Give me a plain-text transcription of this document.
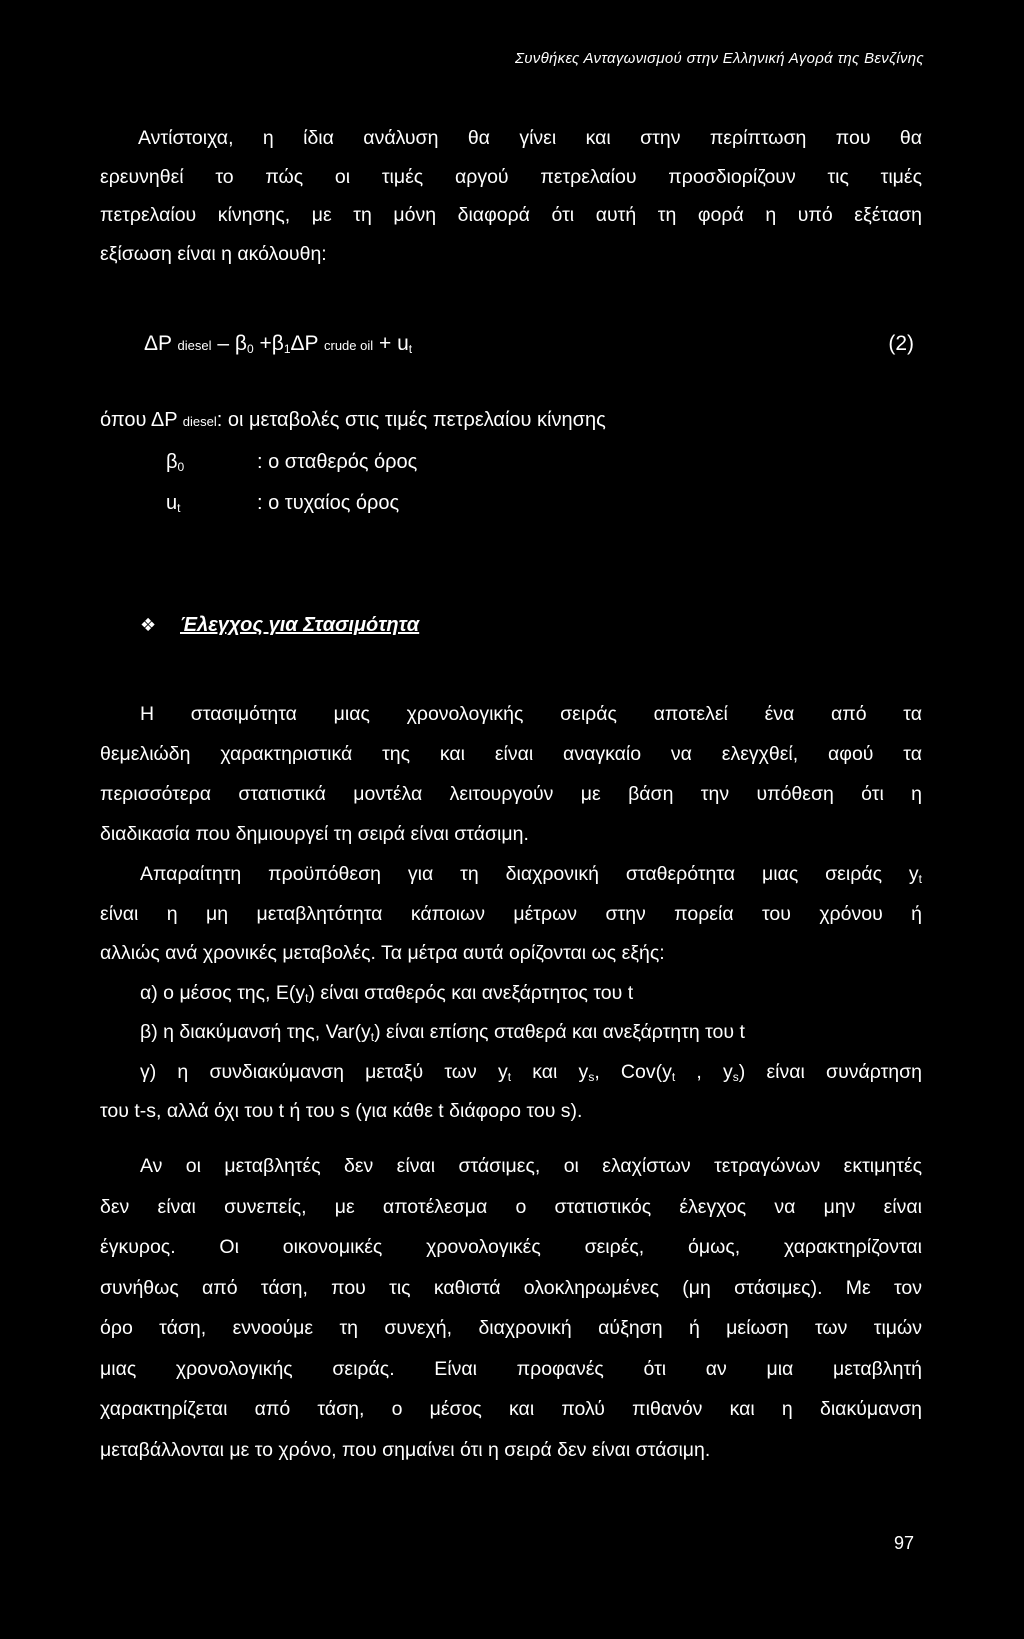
Συνθήκες Ανταγωνισμού στην Ελληνική Αγορά της Βενζίνης
Αντίστοιχα, η ίδια ανάλυση θα γίνει και στην περίπτωση που θα
ερευνηθεί το πώς οι τιμές αργού πετρελαίου προσδιορίζουν τις τιμές
πετρελαίου κίνησης, με τη μόνη διαφορά ότι αυτή τη φορά η υπό εξέταση
εξίσωση είναι η ακόλουθη:
ΔP diesel – $\beta_0 +\beta_1\Delta P$ crude oil + $u_t$	(2)
όπου ΔP diesel: οι μεταβολές στις τιμές πετρελαίου κίνησης
$\beta_0$	: ο σταθερός όρος
$u_t$	: ο τυχαίος όρος
❖ Έλεγχος για Στασιμότητα
Η στασιμότητα μιας χρονολογικής σειράς αποτελεί ένα από τα
θεμελιώδη χαρακτηριστικά της και είναι αναγκαίο να ελεγχθεί, αφού τα
περισσότερα στατιστικά μοντέλα λειτουργούν με βάση την υπόθεση ότι η
διαδικασία που δημιουργεί τη σειρά είναι στάσιμη.
Απαραίτητη προϋπόθεση για τη διαχρονική σταθερότητα μιας σειράς $y_t$
είναι η μη μεταβλητότητα κάποιων μέτρων στην πορεία του χρόνου ή
αλλιώς ανά χρονικές μεταβολές. Τα μέτρα αυτά ορίζονται ως εξής:
α) ο μέσος της, $E(y_t)$ είναι σταθερός και ανεξάρτητος του t
β) η διακύμανσή της, $Var(y_t)$ είναι επίσης σταθερά και ανεξάρτητη του t
γ) η συνδιακύμανση μεταξύ των $y_t$ και $y_s$, $Cov(y_t$ , $y_s$) είναι συνάρτηση
του t-s, αλλά όχι του t ή του s (για κάθε t διάφορο του s).
Αν οι μεταβλητές δεν είναι στάσιμες, οι ελαχίστων τετραγώνων εκτιμητές
δεν είναι συνεπείς, με αποτέλεσμα ο στατιστικός έλεγχος να μην είναι
έγκυρος. Οι οικονομικές χρονολογικές σειρές, όμως, χαρακτηρίζονται
συνήθως από τάση, που τις καθιστά ολοκληρωμένες (μη στάσιμες). Με τον
όρο τάση, εννοούμε τη συνεχή, διαχρονική αύξηση ή μείωση των τιμών
μιας χρονολογικής σειράς. Είναι προφανές ότι αν μια μεταβλητή
χαρακτηρίζεται από τάση, ο μέσος και πολύ πιθανόν και η διακύμανση
μεταβάλλονται με το χρόνο, που σημαίνει ότι η σειρά δεν είναι στάσιμη.
97
